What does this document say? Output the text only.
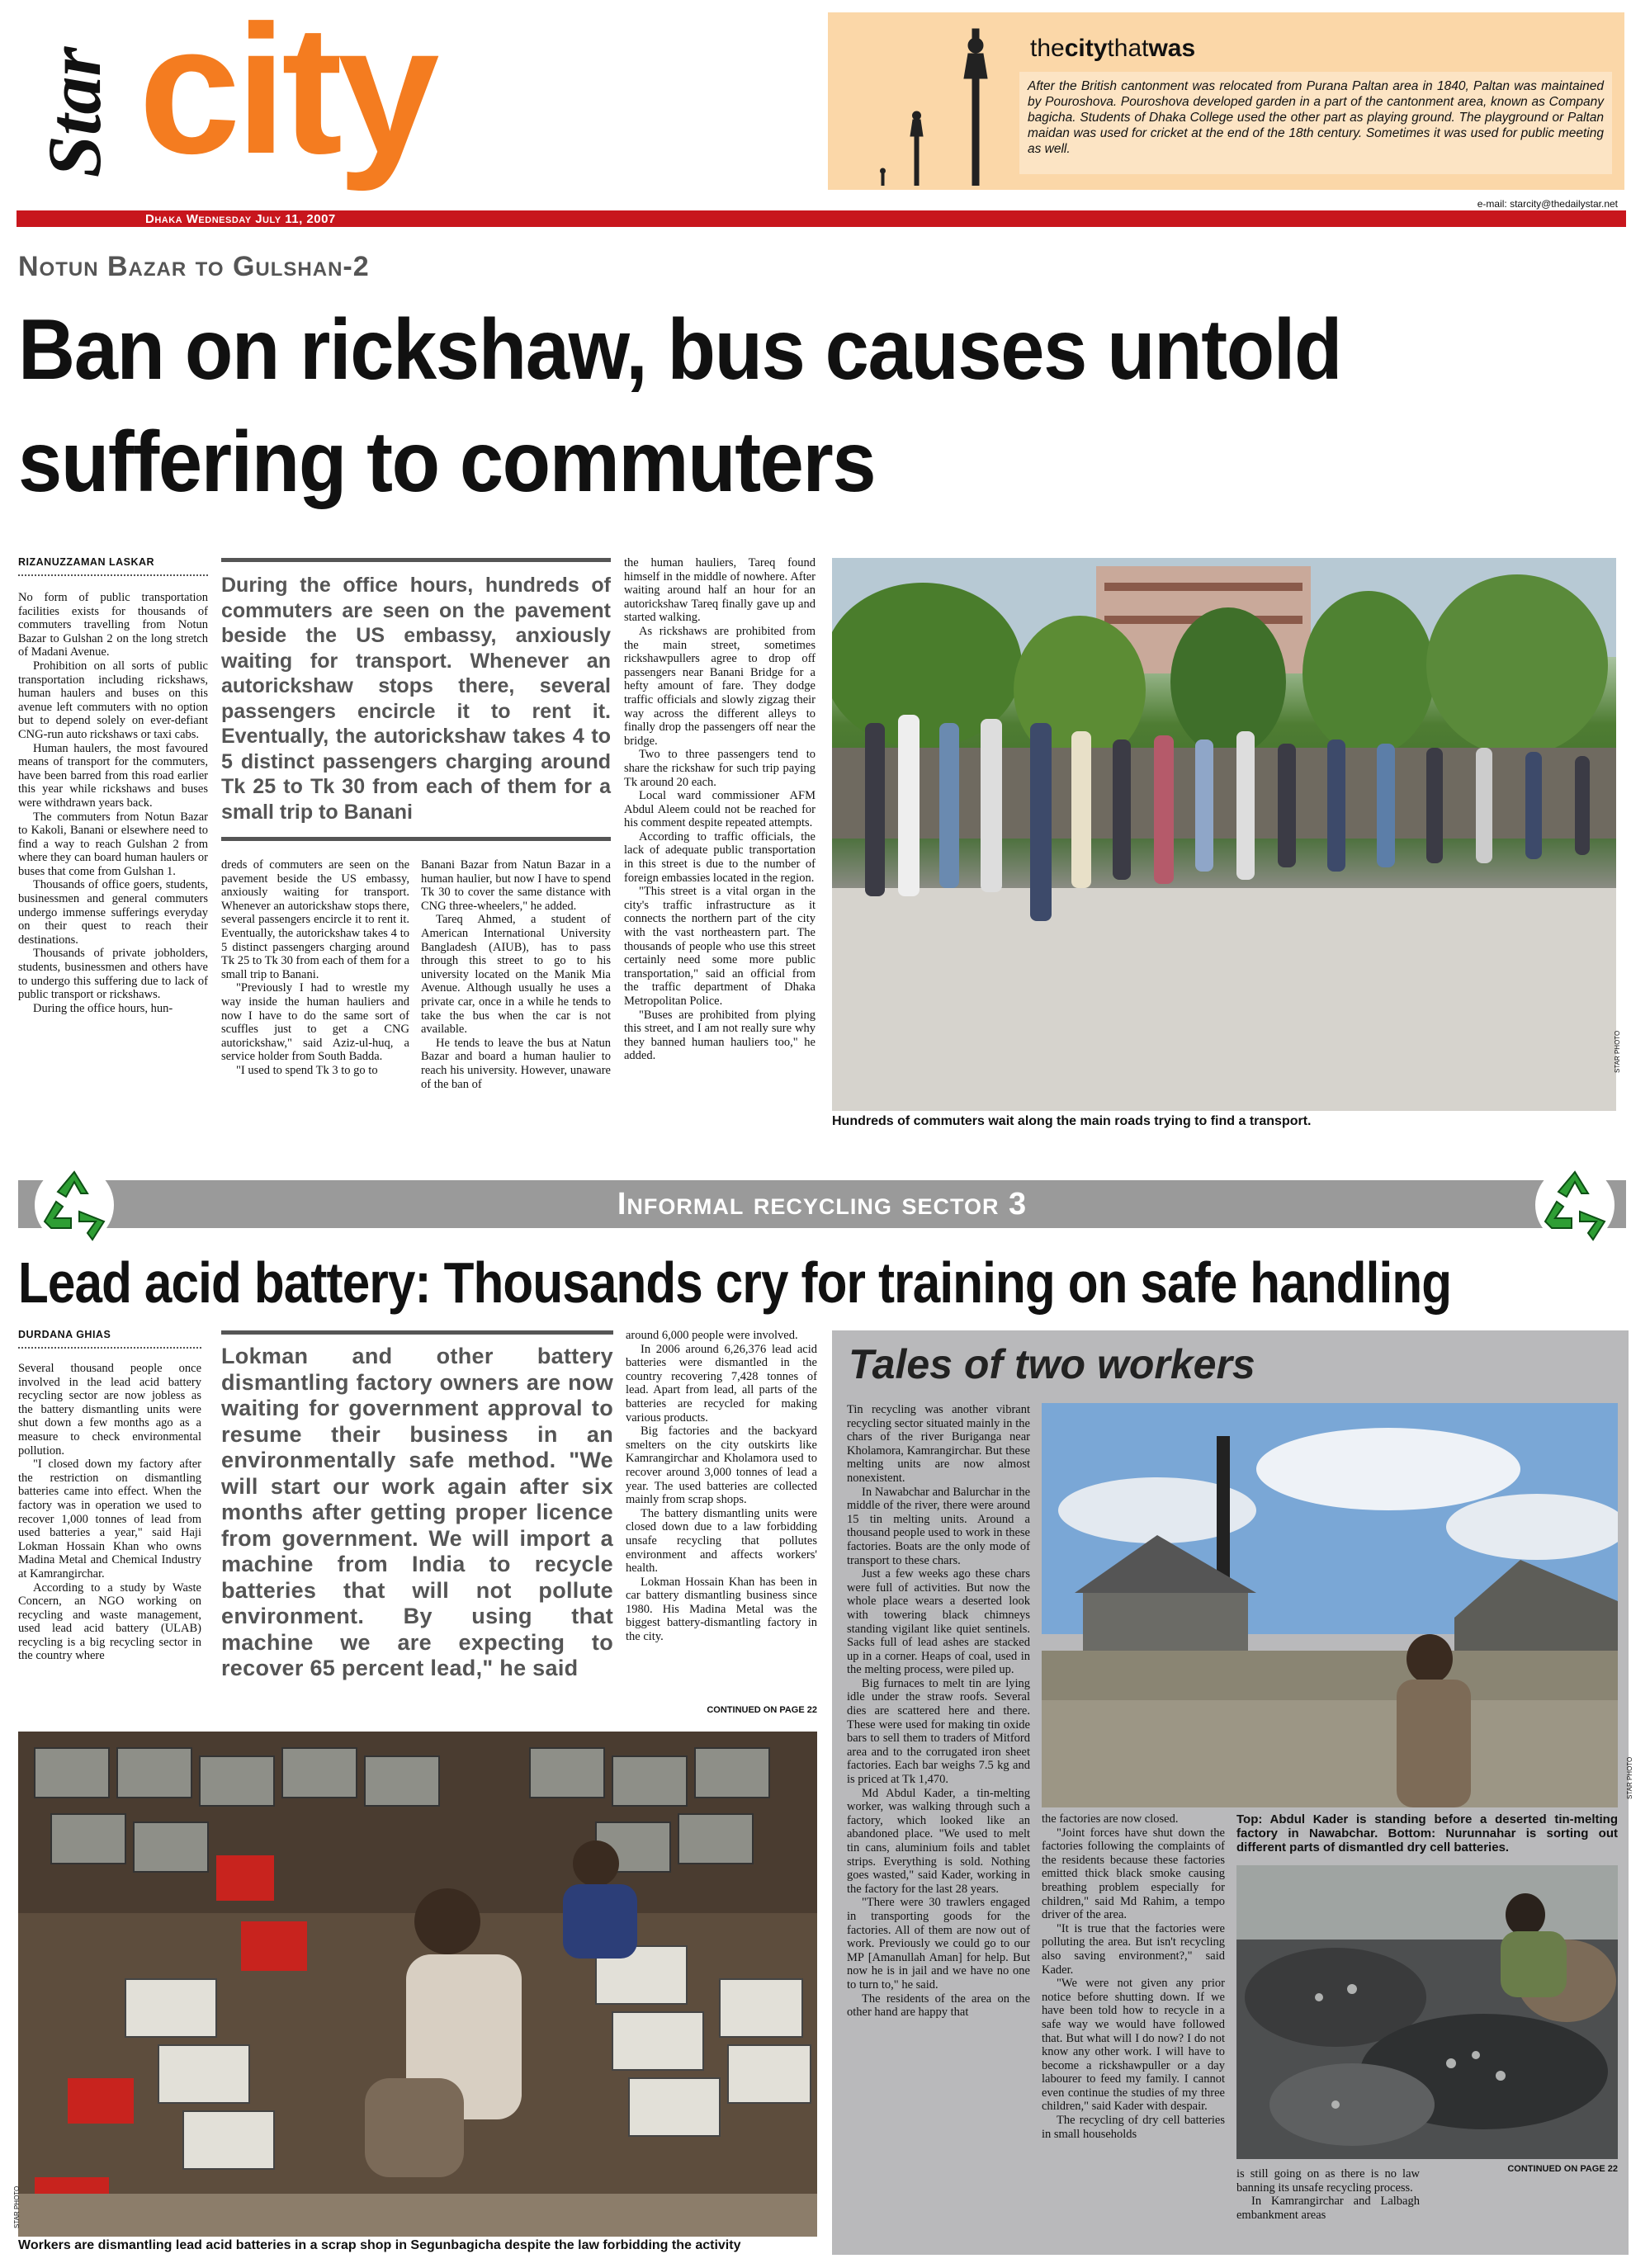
Star city
Dhaka Wednesday July 11, 2007
e-mail: starcity@thedailystar.net
thecitythatwas
After the British cantonment was relocated from Purana Paltan area in 1840, Paltan was maintained by Pouroshova. Pouroshova developed garden in a part of the cantonment area, known as Company bagicha. Students of Dhaka College used the other part as playing ground. The playground or Paltan maidan was used for cricket at the end of the 18th century. Sometimes it was used for public meeting as well.
Notun Bazar to Gulshan-2
Ban on rickshaw, bus causes untold suffering to commuters
RIZANUZZAMAN LASKAR

No form of public transportation facilities exists for thousands of commuters travelling from Notun Bazar to Gulshan 2 on the long stretch of Madani Avenue.

Prohibition on all sorts of public transportation including rickshaws, human haulers and buses on this avenue left commuters with no option but to depend solely on ever-defiant CNG-run auto rickshaws or taxi cabs.

Human haulers, the most favoured means of transport for the commuters, have been barred from this road earlier this year while rickshaws and buses were withdrawn years back.

The commuters from Notun Bazar to Kakoli, Banani or elsewhere need to find a way to reach Gulshan 2 from where they can board human haulers or buses that come from Gulshan 1.

Thousands of office goers, students, businessmen and general commuters undergo immense sufferings everyday on their quest to reach their destinations.

Thousands of private jobholders, students, businessmen and others have to undergo this suffering due to lack of public transport or rickshaws.

During the office hours, hun-

During the office hours, hundreds of commuters are seen on the pavement beside the US embassy, anxiously waiting for transport. Whenever an autorickshaw stops there, several passengers encircle it to rent it. Eventually, the autorickshaw takes 4 to 5 distinct passengers charging around Tk 25 to Tk 30 from each of them for a small trip to Banani

dreds of commuters are seen on the pavement beside the US embassy, anxiously waiting for transport. Whenever an autorickshaw stops there, several passengers encircle it to rent it. Eventually, the autorickshaw takes 4 to 5 distinct passengers charging around Tk 25 to Tk 30 from each of them for a small trip to Banani.

"Previously I had to wrestle my way inside the human hauliers and now I have to do the same sort of scuffles just to get a CNG autorickshaw," said Aziz-ul-huq, a service holder from South Badda.

"I used to spend Tk 3 to go to

Banani Bazar from Natun Bazar in a human haulier, but now I have to spend Tk 30 to cover the same distance with CNG three-wheelers," he added.

Tareq Ahmed, a student of American International University Bangladesh (AIUB), has to pass through this street to go to his university located on the Manik Mia Avenue. Although usually he uses a private car, once in a while he tends to take the bus when the car is not available.

He tends to leave the bus at Natun Bazar and board a human haulier to reach his university. However, unaware of the ban of

the human hauliers, Tareq found himself in the middle of nowhere. After waiting around half an hour for an autorickshaw Tareq finally gave up and started walking.

As rickshaws are prohibited from the main street, sometimes rickshawpullers agree to drop off passengers near Banani Bridge for a hefty amount of fare. They dodge traffic officials and slowly zigzag their way across the different alleys to finally drop the passengers off near the bridge.

Two to three passengers tend to share the rickshaw for such trip paying Tk around 20 each.

Local ward commissioner AFM Abdul Aleem could not be reached for his comment despite repeated attempts.

According to traffic officials, the lack of adequate public transportation in this street is due to the number of foreign embassies located in the region.

"This street is a vital organ in the city's traffic infrastructure as it connects the northern part of the city with the vast northeastern part. The thousands of people who use this street certainly need some more public transportation," said an official from the traffic department of Dhaka Metropolitan Police.

"Buses are prohibited from plying this street, and I am not really sure why they banned human hauliers too," he added.	STAR PHOTO
Hundreds of commuters wait along the main roads trying to find a transport.
Informal recycling sector 3
Lead acid battery: Thousands cry for training on safe handling
DURDANA GHIAS

Several thousand people once involved in the lead acid battery recycling sector are now jobless as the battery dismantling units were shut down a few months ago as a measure to check environmental pollution.

"I closed down my factory after the restriction on dismantling batteries came into effect. When the factory was in operation we used to recover 1,000 tonnes of lead from used batteries a year," said Haji Lokman Hossain Khan who owns Madina Metal and Chemical Industry at Kamrangirchar.

According to a study by Waste Concern, an NGO working on recycling and waste management, used lead acid battery (ULAB) recycling is a big recycling sector in the country where

Lokman and other battery dismantling factory owners are now waiting for government approval to resume their business in an environmentally safe method. "We will start our work again after six months after getting proper licence from government. We will import a machine from India to recycle batteries that will not pollute environment. By using that machine we are expecting to recover 65 percent lead," he said

around 6,000 people were involved.

In 2006 around 6,26,376 lead acid batteries were dismantled in the country recovering 7,428 tonnes of lead. Apart from lead, all parts of the batteries are recycled for making various products.

Big factories and the backyard smelters on the city outskirts like Kamrangirchar and Kholamora used to recover around 3,000 tonnes of lead a year. The used batteries are collected mainly from scrap shops.

The battery dismantling units were closed down due to a law forbidding unsafe recycling that pollutes environment and affects workers' health.

Lokman Hossain Khan has been in car battery dismantling business since 1980. His Madina Metal was the biggest battery-dismantling factory in the city.

CONTINUED ON PAGE 22
STAR PHOTO
Workers are dismantling lead acid batteries in a scrap shop in Segunbagicha despite the law forbidding the activity
Tales of two workers

Tin recycling was another vibrant recycling sector situated mainly in the chars of the river Buriganga near Kholamora, Kamrangirchar. But these melting units are now almost nonexistent.

In Nawabchar and Balurchar in the middle of the river, there were around 15 tin melting units. Around a thousand people used to work in these factories. Boats are the only mode of transport to these chars.

Just a few weeks ago these chars were full of activities. But now the whole place wears a deserted look with towering black chimneys standing vigilant like quiet sentinels. Sacks full of lead ashes are stacked up in a corner. Heaps of coal, used in the melting process, were piled up.

Big furnaces to melt tin are lying idle under the straw roofs. Several dies are scattered here and there. These were used for making tin oxide bars to sell them to traders of Mitford area and to the corrugated iron sheet factories. Each bar weighs 7.5 kg and is priced at Tk 1,470.

Md Abdul Kader, a tin-melting worker, was walking through such a factory, which looked like an abandoned place. "We used to melt tin cans, aluminium foils and tablet strips. Everything is sold. Nothing goes wasted," said Kader, working in the factory for the last 28 years.

"There were 30 trawlers engaged in transporting goods for the factories. All of them are now out of work. Previously we could go to our MP [Amanullah Aman] for help. But now he is in jail and we have no one to turn to," he said.

The residents of the area on the other hand are happy that

the factories are now closed.

"Joint forces have shut down the factories following the complaints of the residents because these factories emitted thick black smoke causing breathing problem especially for children," said Md Rahim, a tempo driver of the area.

"It is true that the factories were polluting the area. But isn't recycling also saving environment?," said Kader.

"We were not given any prior notice before shutting down. If we have been told how to recycle in a safe way we would have followed that. But what will I do now? I do not know any other work. I will have to become a rickshawpuller or a day labourer to feed my family. I cannot even continue the studies of my three children," said Kader with despair.

The recycling of dry cell batteries in small households

Top: Abdul Kader is standing before a deserted tin-melting factory in Nawabchar. Bottom: Nurunnahar is sorting out different parts of dismantled dry cell batteries.
STAR PHOTO

is still going on as there is no law banning its unsafe recycling process.

In Kamrangirchar and Lalbagh embankment areas

CONTINUED ON PAGE 22
